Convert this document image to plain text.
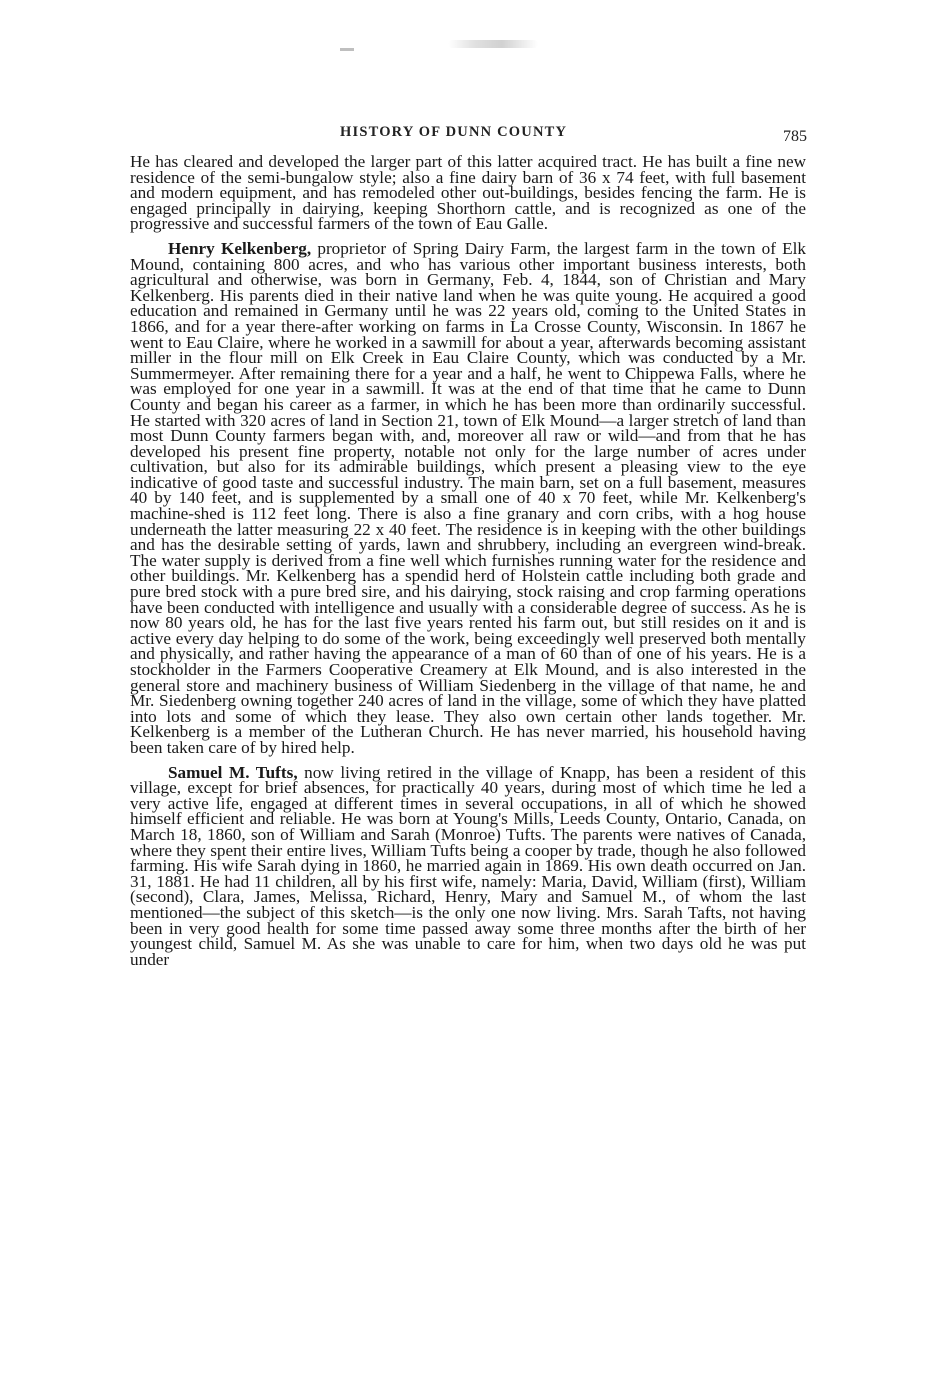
HISTORY OF DUNN COUNTY	785

He has cleared and developed the larger part of this latter acquired tract. He has built a fine new residence of the semi-bungalow style; also a fine dairy barn of 36 x 74 feet, with full basement and modern equipment, and has remodeled other out-buildings, besides fencing the farm. He is engaged principally in dairying, keeping Shorthorn cattle, and is recognized as one of the progressive and successful farmers of the town of Eau Galle.

Henry Kelkenberg, proprietor of Spring Dairy Farm, the largest farm in the town of Elk Mound, containing 800 acres, and who has various other important business interests, both agricultural and otherwise, was born in Germany, Feb. 4, 1844, son of Christian and Mary Kelkenberg. His parents died in their native land when he was quite young. He acquired a good education and remained in Germany until he was 22 years old, coming to the United States in 1866, and for a year there-after working on farms in La Crosse County, Wisconsin. In 1867 he went to Eau Claire, where he worked in a sawmill for about a year, afterwards becoming assistant miller in the flour mill on Elk Creek in Eau Claire County, which was conducted by a Mr. Summermeyer. After remaining there for a year and a half, he went to Chippewa Falls, where he was employed for one year in a sawmill. It was at the end of that time that he came to Dunn County and began his career as a farmer, in which he has been more than ordinarily successful. He started with 320 acres of land in Section 21, town of Elk Mound—a larger stretch of land than most Dunn County farmers began with, and, moreover all raw or wild—and from that he has developed his present fine property, notable not only for the large number of acres under cultivation, but also for its admirable buildings, which present a pleasing view to the eye indicative of good taste and successful industry. The main barn, set on a full basement, measures 40 by 140 feet, and is supplemented by a small one of 40 x 70 feet, while Mr. Kelkenberg's machine-shed is 112 feet long. There is also a fine granary and corn cribs, with a hog house underneath the latter measuring 22 x 40 feet. The residence is in keeping with the other buildings and has the desirable setting of yards, lawn and shrubbery, including an evergreen wind-break. The water supply is derived from a fine well which furnishes running water for the residence and other buildings. Mr. Kelkenberg has a spendid herd of Holstein cattle including both grade and pure bred stock with a pure bred sire, and his dairying, stock raising and crop farming operations have been conducted with intelligence and usually with a considerable degree of success. As he is now 80 years old, he has for the last five years rented his farm out, but still resides on it and is active every day helping to do some of the work, being exceedingly well preserved both mentally and physically, and rather having the appearance of a man of 60 than of one of his years. He is a stockholder in the Farmers Cooperative Creamery at Elk Mound, and is also interested in the general store and machinery business of William Siedenberg in the village of that name, he and Mr. Siedenberg owning together 240 acres of land in the village, some of which they have platted into lots and some of which they lease. They also own certain other lands together. Mr. Kelkenberg is a member of the Lutheran Church. He has never married, his household having been taken care of by hired help.

Samuel M. Tufts, now living retired in the village of Knapp, has been a resident of this village, except for brief absences, for practically 40 years, during most of which time he led a very active life, engaged at different times in several occupations, in all of which he showed himself efficient and reliable. He was born at Young's Mills, Leeds County, Ontario, Canada, on March 18, 1860, son of William and Sarah (Monroe) Tufts. The parents were natives of Canada, where they spent their entire lives, William Tufts being a cooper by trade, though he also followed farming. His wife Sarah dying in 1860, he married again in 1869. His own death occurred on Jan. 31, 1881. He had 11 children, all by his first wife, namely: Maria, David, William (first), William (second), Clara, James, Melissa, Richard, Henry, Mary and Samuel M., of whom the last mentioned—the subject of this sketch—is the only one now living. Mrs. Sarah Tafts, not having been in very good health for some time passed away some three months after the birth of her youngest child, Samuel M. As she was unable to care for him, when two days old he was put under
